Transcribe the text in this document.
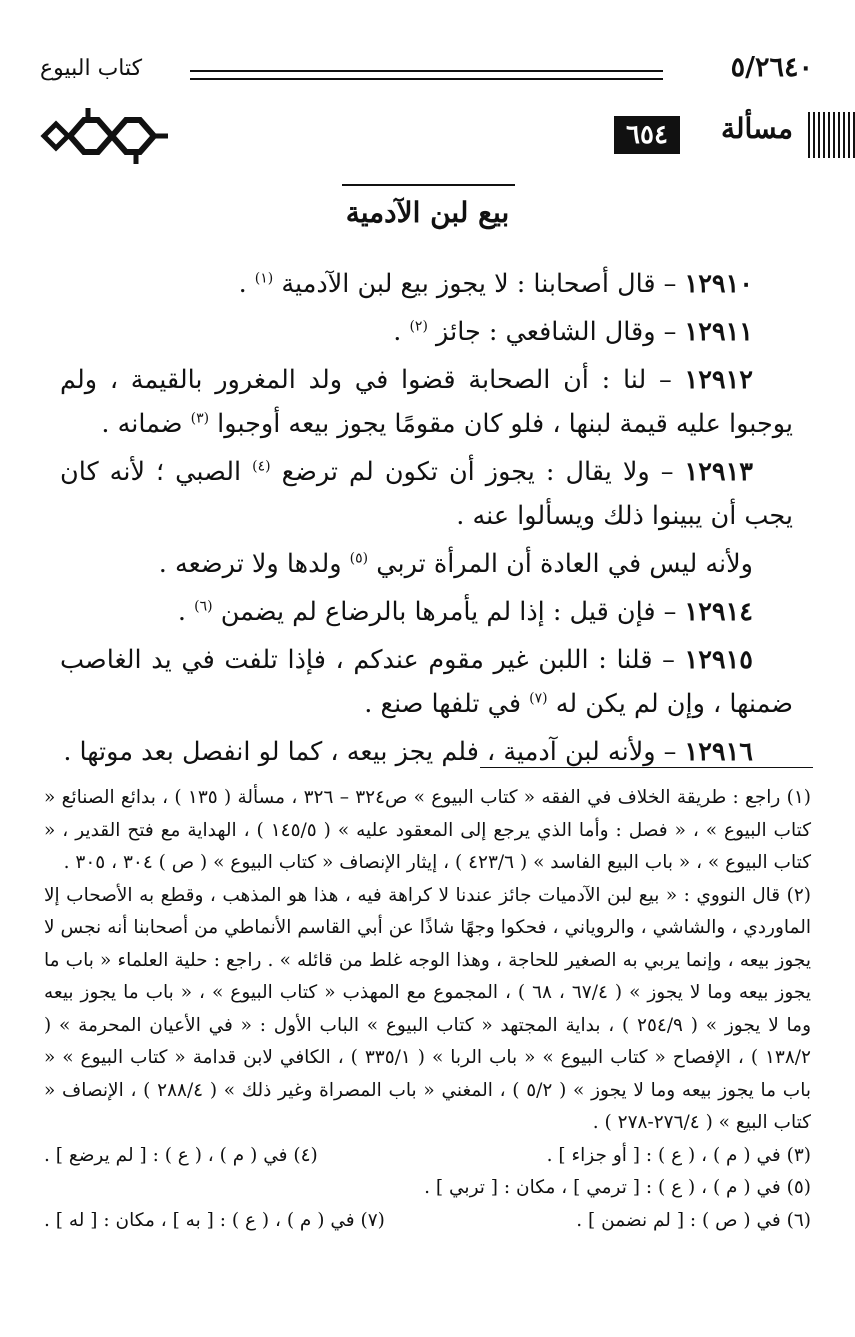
٥/٢٦٤٠
كتاب البيوع
مسألة
٦٥٤
بيع لبن الآدمية

١٢٩١٠ – قال أصحابنا : لا يجوز بيع لبن الآدمية $^{(١)}$ .

١٢٩١١ – وقال الشافعي : جائز $^{(٢)}$ .

١٢٩١٢ – لنا : أن الصحابة قضوا في ولد المغرور بالقيمة ، ولم يوجبوا عليه قيمة لبنها ، فلو كان مقومًا يجوز بيعه أوجبوا $^{(٣)}$ ضمانه .

١٢٩١٣ – ولا يقال : يجوز أن تكون لم ترضع $^{(٤)}$ الصبي ؛ لأنه كان يجب أن يبينوا ذلك ويسألوا عنه .

ولأنه ليس في العادة أن المرأة تربي $^{(٥)}$ ولدها ولا ترضعه .

١٢٩١٤ – فإن قيل : إذا لم يأمرها بالرضاع لم يضمن $^{(٦)}$ .

١٢٩١٥ – قلنا : اللبن غير مقوم عندكم ، فإذا تلفت في يد الغاصب ضمنها ، وإن لم يكن له $^{(٧)}$ في تلفها صنع .

١٢٩١٦ – ولأنه لبن آدمية ، فلم يجز بيعه ، كما لو انفصل بعد موتها .

(١) راجع : طريقة الخلاف في الفقه « كتاب البيوع » ص٣٢٤ – ٣٢٦ ، مسألة ( ١٣٥ ) ، بدائع الصنائع « كتاب البيوع » ، « فصل : وأما الذي يرجع إلى المعقود عليه » ( ١٤٥/٥ ) ، الهداية مع فتح القدير ، « كتاب البيوع » ، « باب البيع الفاسد » ( ٤٢٣/٦ ) ، إيثار الإنصاف « كتاب البيوع » ( ص ) ٣٠٤ ، ٣٠٥ .

(٢) قال النووي : « بيع لبن الآدميات جائز عندنا لا كراهة فيه ، هذا هو المذهب ، وقطع به الأصحاب إلا الماوردي ، والشاشي ، والروياني ، فحكوا وجهًا شاذًا عن أبي القاسم الأنماطي من أصحابنا أنه نجس لا يجوز بيعه ، وإنما يربي به الصغير للحاجة ، وهذا الوجه غلط من قائله » . راجع : حلية العلماء « باب ما يجوز بيعه وما لا يجوز » ( ٦٧/٤ ، ٦٨ ) ، المجموع مع المهذب « كتاب البيوع » ، « باب ما يجوز بيعه وما لا يجوز » ( ٢٥٤/٩ ) ، بداية المجتهد « كتاب البيوع » الباب الأول : « في الأعيان المحرمة » ( ١٣٨/٢ ) ، الإفصاح « كتاب البيوع » « باب الربا » ( ٣٣٥/١ ) ، الكافي لابن قدامة « كتاب البيوع » « باب ما يجوز بيعه وما لا يجوز » ( ٥/٢ ) ، المغني « باب المصراة وغير ذلك » ( ٢٨٨/٤ ) ، الإنصاف « كتاب البيع » ( ٢٧٦/٤-٢٧٨ ) .

(٣) في ( م ) ، ( ع ) : [ أو جزاء ] .
(٤) في ( م ) ، ( ع ) : [ لم يرضع ] .

(٥) في ( م ) ، ( ع ) : [ ترمي ] ، مكان : [ تربي ] .

(٦) في ( ص ) : [ لم نضمن ] .
(٧) في ( م ) ، ( ع ) : [ به ] ، مكان : [ له ] .
